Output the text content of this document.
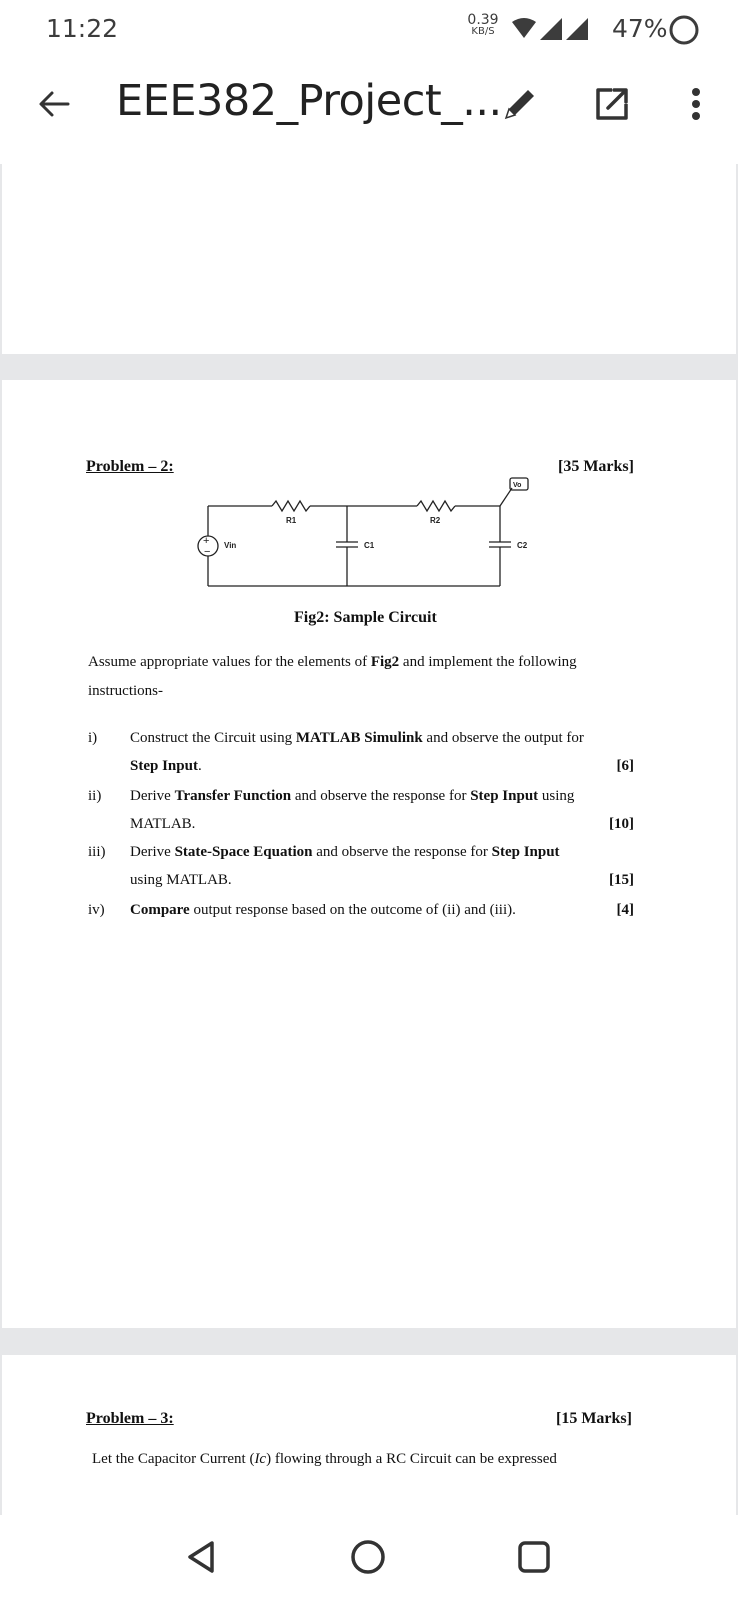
11:22	0.39
KB/S	47%
EEE382_Project_...
Problem – 2:	[35 Marks]
+
−
R1	R2
Vin	C1	C2
Vo
Fig2: Sample Circuit
Assume appropriate values for the elements of Fig2 and implement the following
instructions-
i) Construct the Circuit using MATLAB Simulink and observe the output for
Step Input.	[6]
ii) Derive Transfer Function and observe the response for Step Input using
MATLAB.	[10]
iii) Derive State-Space Equation and observe the response for Step Input
using MATLAB.	[15]
iv) Compare output response based on the outcome of (ii) and (iii).	[4]
Problem – 3:	[15 Marks]
Let the Capacitor Current (Ic) flowing through a RC Circuit can be expressed
